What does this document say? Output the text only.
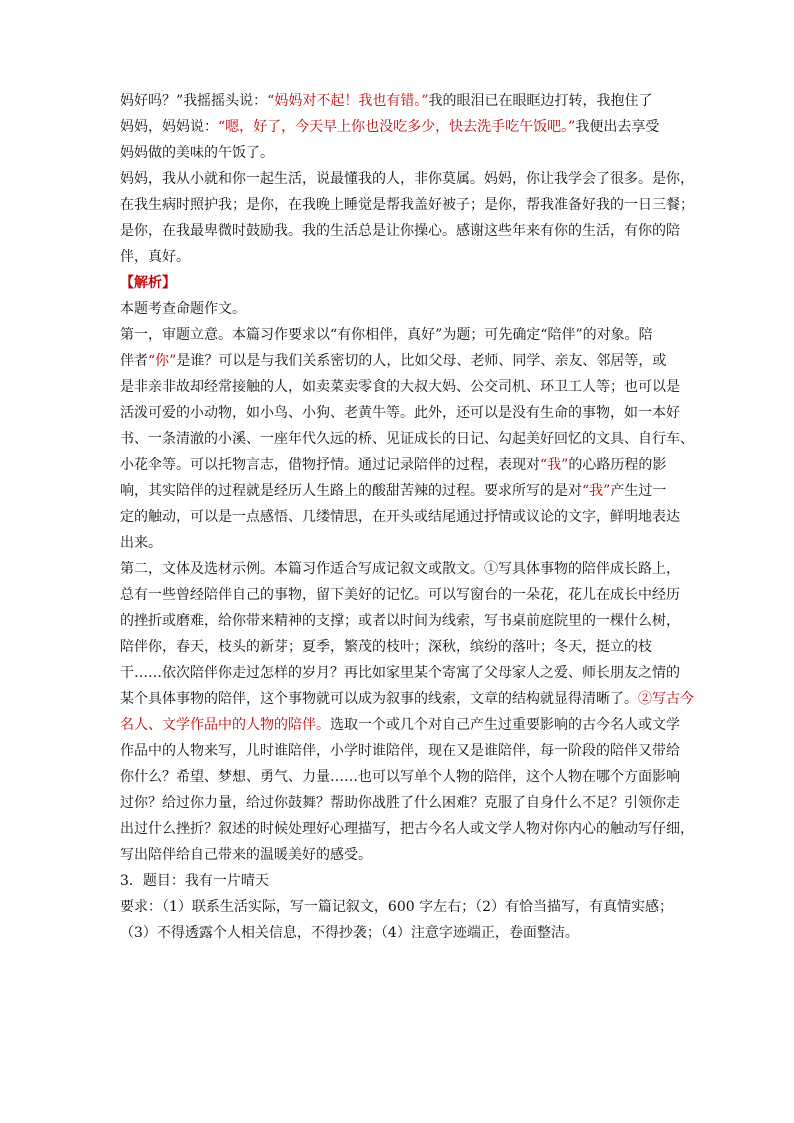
妈好吗？”我摇摇头说：“妈妈对不起！我也有错。”我的眼泪已在眼眶边打转，我抱住了
妈妈，妈妈说：“嗯，好了，今天早上你也没吃多少，快去洗手吃午饭吧。”我便出去享受
妈妈做的美味的午饭了。
妈妈，我从小就和你一起生活，说最懂我的人，非你莫属。妈妈，你让我学会了很多。是你，
在我生病时照护我；是你，在我晚上睡觉是帮我盖好被子；是你，帮我准备好我的一日三餐；
是你，在我最卑微时鼓励我。我的生活总是让你操心。感谢这些年来有你的生活，有你的陪
伴，真好。
【解析】
本题考查命题作文。
第一，审题立意。本篇习作要求以“有你相伴，真好”为题；可先确定“陪伴”的对象。陪
伴者“你”是谁？可以是与我们关系密切的人，比如父母、老师、同学、亲友、邻居等，或
是非亲非故却经常接触的人，如卖菜卖零食的大叔大妈、公交司机、环卫工人等；也可以是
活泼可爱的小动物，如小鸟、小狗、老黄牛等。此外，还可以是没有生命的事物，如一本好
书、一条清澈的小溪、一座年代久远的桥、见证成长的日记、勾起美好回忆的文具、自行车、
小花伞等。可以托物言志，借物抒情。通过记录陪伴的过程，表现对“我”的心路历程的影
响，其实陪伴的过程就是经历人生路上的酸甜苦辣的过程。要求所写的是对“我”产生过一
定的触动，可以是一点感悟、几缕情思，在开头或结尾通过抒情或议论的文字，鲜明地表达
出来。
第二，文体及选材示例。本篇习作适合写成记叙文或散文。①写具体事物的陪伴成长路上，
总有一些曾经陪伴自己的事物，留下美好的记忆。可以写窗台的一朵花，花儿在成长中经历
的挫折或磨难，给你带来精神的支撑；或者以时间为线索，写书桌前庭院里的一棵什么树，
陪伴你，春天，枝头的新芽；夏季，繁茂的枝叶；深秋，缤纷的落叶；冬天，挺立的枝
干……依次陪伴你走过怎样的岁月？再比如家里某个寄寓了父母家人之爱、师长朋友之情的
某个具体事物的陪伴，这个事物就可以成为叙事的线索，文章的结构就显得清晰了。②写古今
名人、文学作品中的人物的陪伴。选取一个或几个对自己产生过重要影响的古今名人或文学
作品中的人物来写，儿时谁陪伴，小学时谁陪伴，现在又是谁陪伴，每一阶段的陪伴又带给
你什么？希望、梦想、勇气、力量……也可以写单个人物的陪伴，这个人物在哪个方面影响
过你？给过你力量，给过你鼓舞？帮助你战胜了什么困难？克服了自身什么不足？引领你走
出过什么挫折？叙述的时候处理好心理描写，把古今名人或文学人物对你内心的触动写仔细，
写出陪伴给自己带来的温暖美好的感受。
3．题目：我有一片晴天
要求：（1）联系生活实际，写一篇记叙文，600 字左右；（2）有恰当描写，有真情实感；
（3）不得透露个人相关信息，不得抄袭；（4）注意字迹端正，卷面整洁。
